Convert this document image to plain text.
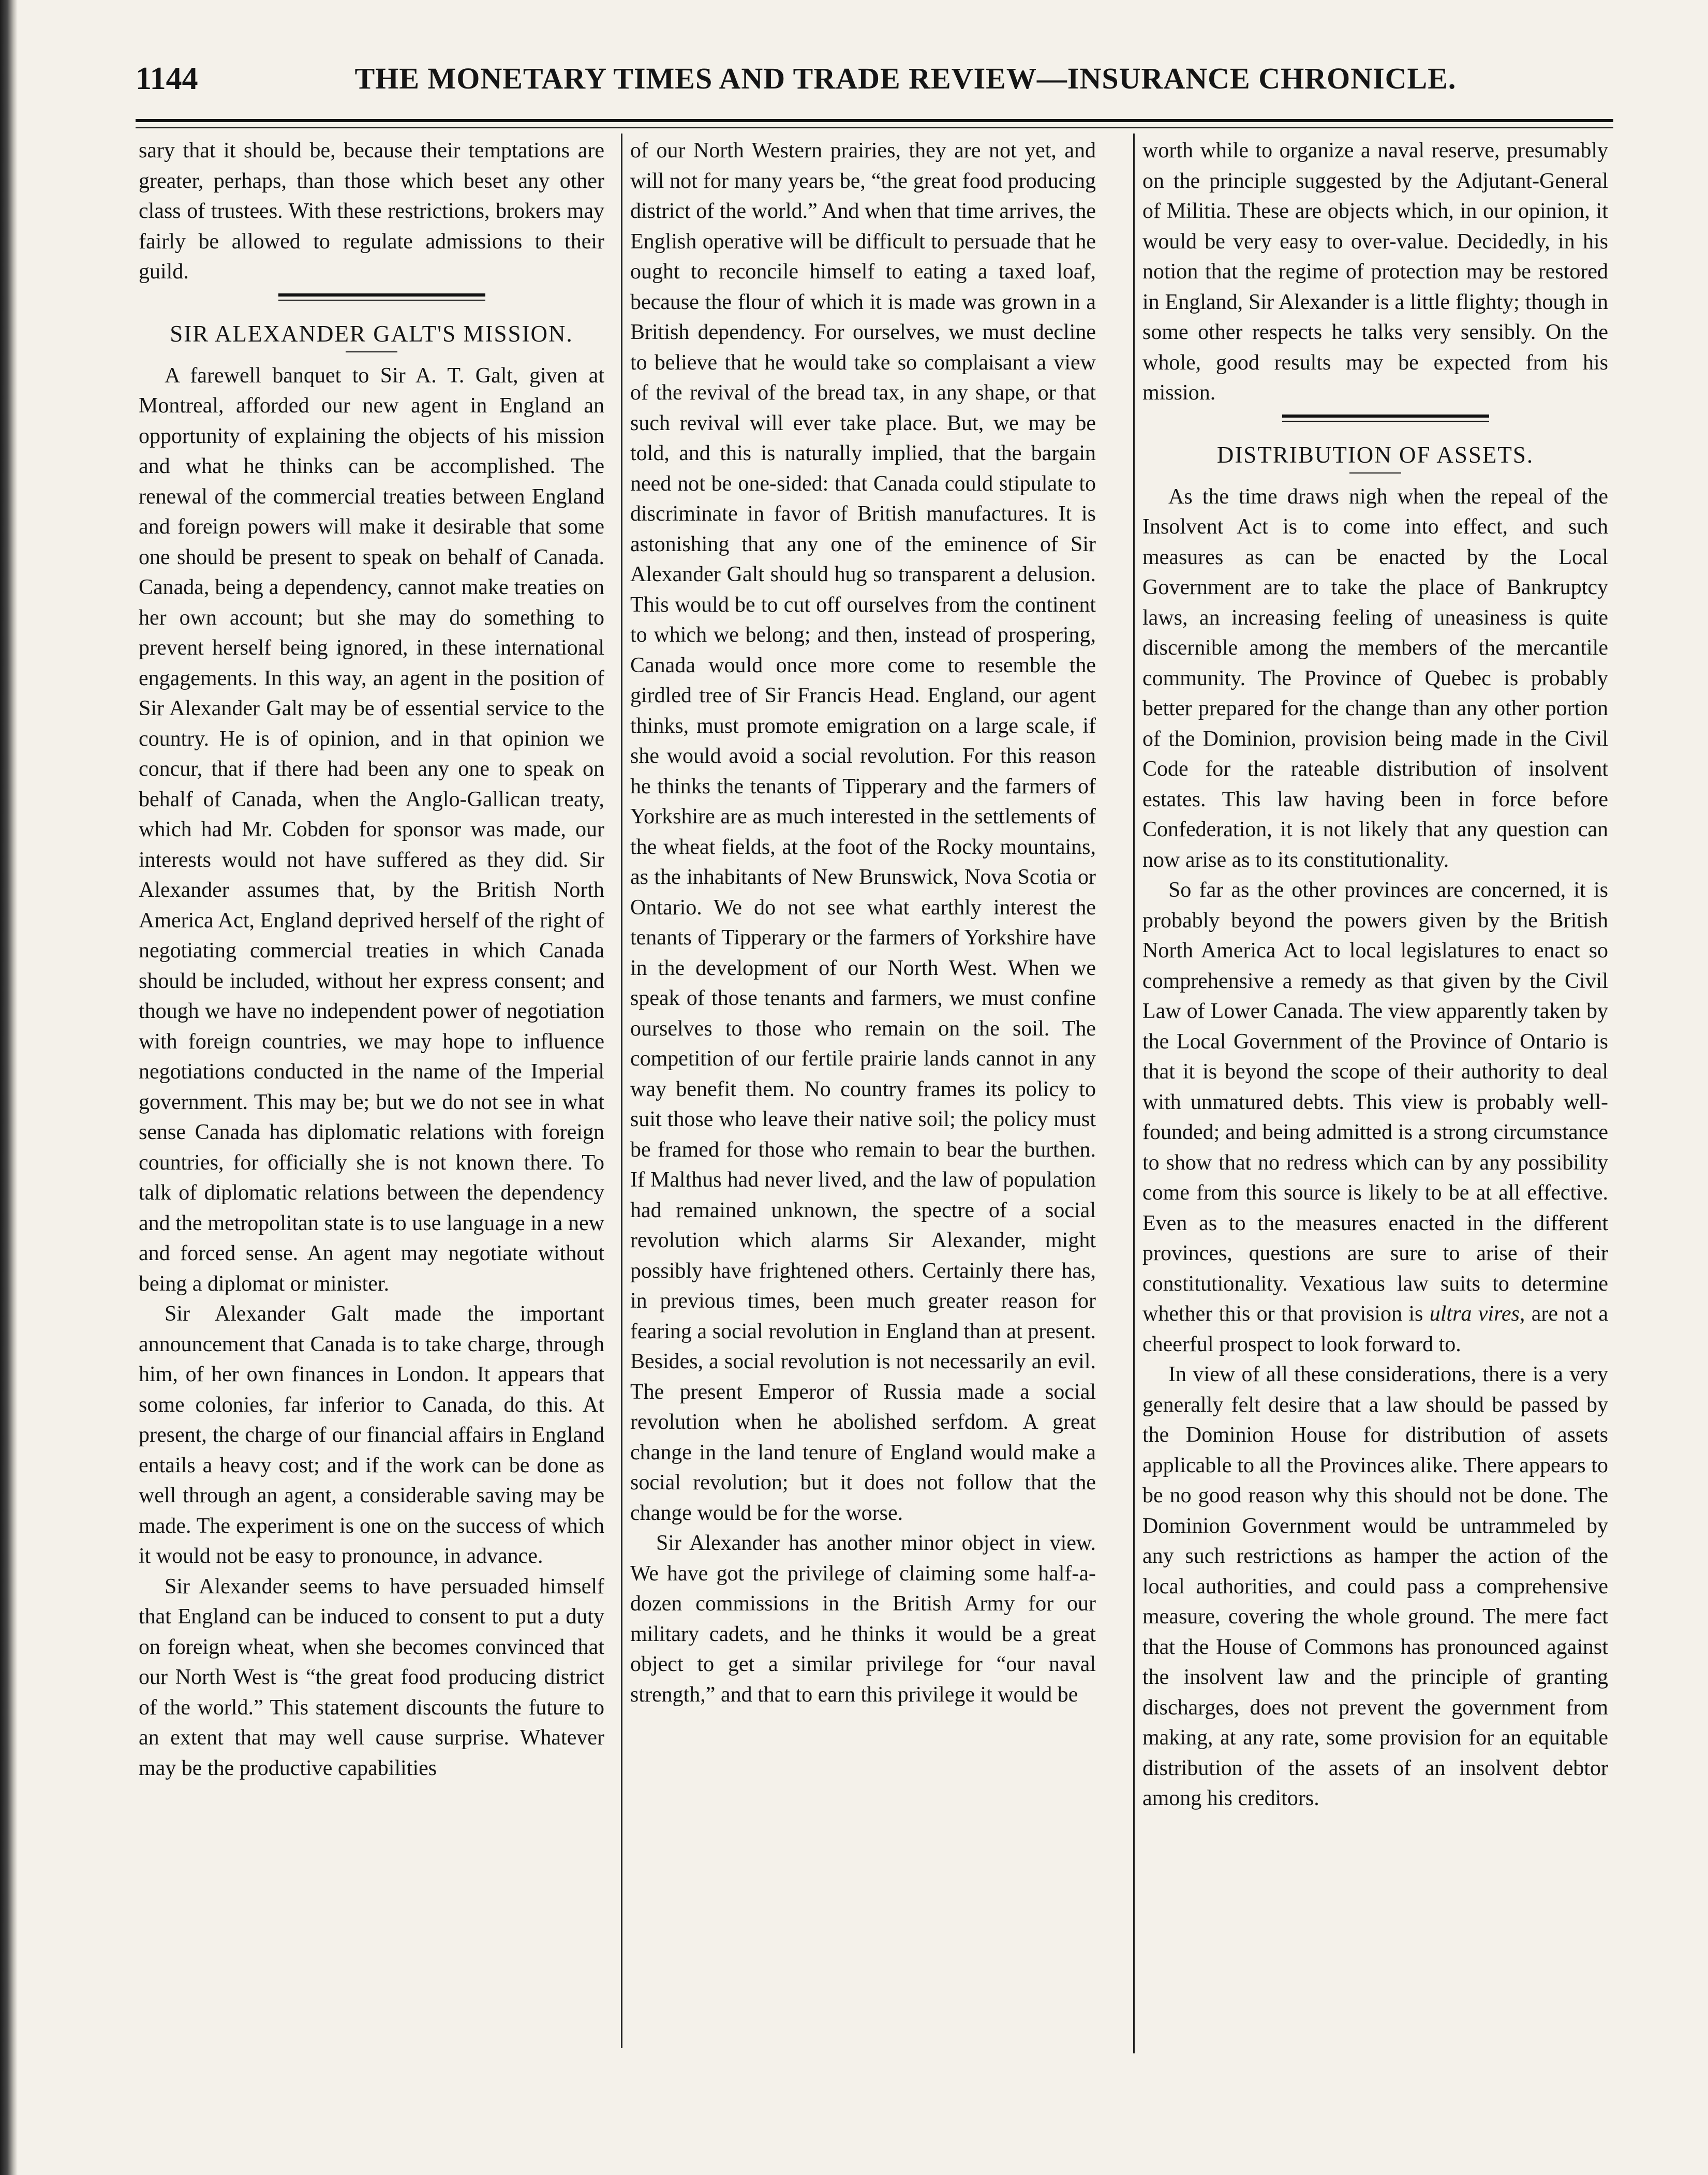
1144	THE MONETARY TIMES AND TRADE REVIEW—INSURANCE CHRONICLE.

sary that it should be, because their temptations are greater, perhaps, than those which beset any other class of trustees. With these restrictions, brokers may fairly be allowed to regulate admissions to their guild.

SIR ALEXANDER GALT'S MISSION.

A farewell banquet to Sir A. T. Galt, given at Montreal, afforded our new agent in England an opportunity of explaining the objects of his mission and what he thinks can be accomplished. The renewal of the commercial treaties between England and foreign powers will make it desirable that some one should be present to speak on behalf of Canada. Canada, being a dependency, cannot make treaties on her own account; but she may do something to prevent herself being ignored, in these international engagements. In this way, an agent in the position of Sir Alexander Galt may be of essential service to the country. He is of opinion, and in that opinion we concur, that if there had been any one to speak on behalf of Canada, when the Anglo-Gallican treaty, which had Mr. Cobden for sponsor was made, our interests would not have suffered as they did. Sir Alexander assumes that, by the British North America Act, England deprived herself of the right of negotiating commercial treaties in which Canada should be included, without her express consent; and though we have no independent power of negotiation with foreign countries, we may hope to influence negotiations conducted in the name of the Imperial government. This may be; but we do not see in what sense Canada has diplomatic relations with foreign countries, for officially she is not known there. To talk of diplomatic relations between the dependency and the metropolitan state is to use language in a new and forced sense. An agent may negotiate without being a diplomat or minister.

Sir Alexander Galt made the important announcement that Canada is to take charge, through him, of her own finances in London. It appears that some colonies, far inferior to Canada, do this. At present, the charge of our financial affairs in England entails a heavy cost; and if the work can be done as well through an agent, a considerable saving may be made. The experiment is one on the success of which it would not be easy to pronounce, in advance.

Sir Alexander seems to have persuaded himself that England can be induced to consent to put a duty on foreign wheat, when she becomes convinced that our North West is “the great food producing district of the world.” This statement discounts the future to an extent that may well cause surprise. Whatever may be the productive capabilities

of our North Western prairies, they are not yet, and will not for many years be, “the great food producing district of the world.” And when that time arrives, the English operative will be difficult to persuade that he ought to reconcile himself to eating a taxed loaf, because the flour of which it is made was grown in a British dependency. For ourselves, we must decline to believe that he would take so complaisant a view of the revival of the bread tax, in any shape, or that such revival will ever take place. But, we may be told, and this is naturally implied, that the bargain need not be one-sided: that Canada could stipulate to discriminate in favor of British manufactures. It is astonishing that any one of the eminence of Sir Alexander Galt should hug so transparent a delusion. This would be to cut off ourselves from the continent to which we belong; and then, instead of prospering, Canada would once more come to resemble the girdled tree of Sir Francis Head. England, our agent thinks, must promote emigration on a large scale, if she would avoid a social revolution. For this reason he thinks the tenants of Tipperary and the farmers of Yorkshire are as much interested in the settlements of the wheat fields, at the foot of the Rocky mountains, as the inhabitants of New Brunswick, Nova Scotia or Ontario. We do not see what earthly interest the tenants of Tipperary or the farmers of Yorkshire have in the development of our North West. When we speak of those tenants and farmers, we must confine ourselves to those who remain on the soil. The competition of our fertile prairie lands cannot in any way benefit them. No country frames its policy to suit those who leave their native soil; the policy must be framed for those who remain to bear the burthen. If Malthus had never lived, and the law of population had remained unknown, the spectre of a social revolution which alarms Sir Alexander, might possibly have frightened others. Certainly there has, in previous times, been much greater reason for fearing a social revolution in England than at present. Besides, a social revolution is not necessarily an evil. The present Emperor of Russia made a social revolution when he abolished serfdom. A great change in the land tenure of England would make a social revolution; but it does not follow that the change would be for the worse.

Sir Alexander has another minor object in view. We have got the privilege of claiming some half-a-dozen commissions in the British Army for our military cadets, and he thinks it would be a great object to get a similar privilege for “our naval strength,” and that to earn this privilege it would be

worth while to organize a naval reserve, presumably on the principle suggested by the Adjutant-General of Militia. These are objects which, in our opinion, it would be very easy to over-value. Decidedly, in his notion that the regime of protection may be restored in England, Sir Alexander is a little flighty; though in some other respects he talks very sensibly. On the whole, good results may be expected from his mission.

DISTRIBUTION OF ASSETS.

As the time draws nigh when the repeal of the Insolvent Act is to come into effect, and such measures as can be enacted by the Local Government are to take the place of Bankruptcy laws, an increasing feeling of uneasiness is quite discernible among the members of the mercantile community. The Province of Quebec is probably better prepared for the change than any other portion of the Dominion, provision being made in the Civil Code for the rateable distribution of insolvent estates. This law having been in force before Confederation, it is not likely that any question can now arise as to its constitutionality.

So far as the other provinces are concerned, it is probably beyond the powers given by the British North America Act to local legislatures to enact so comprehensive a remedy as that given by the Civil Law of Lower Canada. The view apparently taken by the Local Government of the Province of Ontario is that it is beyond the scope of their authority to deal with unmatured debts. This view is probably well-founded; and being admitted is a strong circumstance to show that no redress which can by any possibility come from this source is likely to be at all effective. Even as to the measures enacted in the different provinces, questions are sure to arise of their constitutionality. Vexatious law suits to determine whether this or that provision is ultra vires, are not a cheerful prospect to look forward to.

In view of all these considerations, there is a very generally felt desire that a law should be passed by the Dominion House for distribution of assets applicable to all the Provinces alike. There appears to be no good reason why this should not be done. The Dominion Government would be untrammeled by any such restrictions as hamper the action of the local authorities, and could pass a comprehensive measure, covering the whole ground. The mere fact that the House of Commons has pronounced against the insolvent law and the principle of granting discharges, does not prevent the government from making, at any rate, some provision for an equitable distribution of the assets of an insolvent debtor among his creditors.
